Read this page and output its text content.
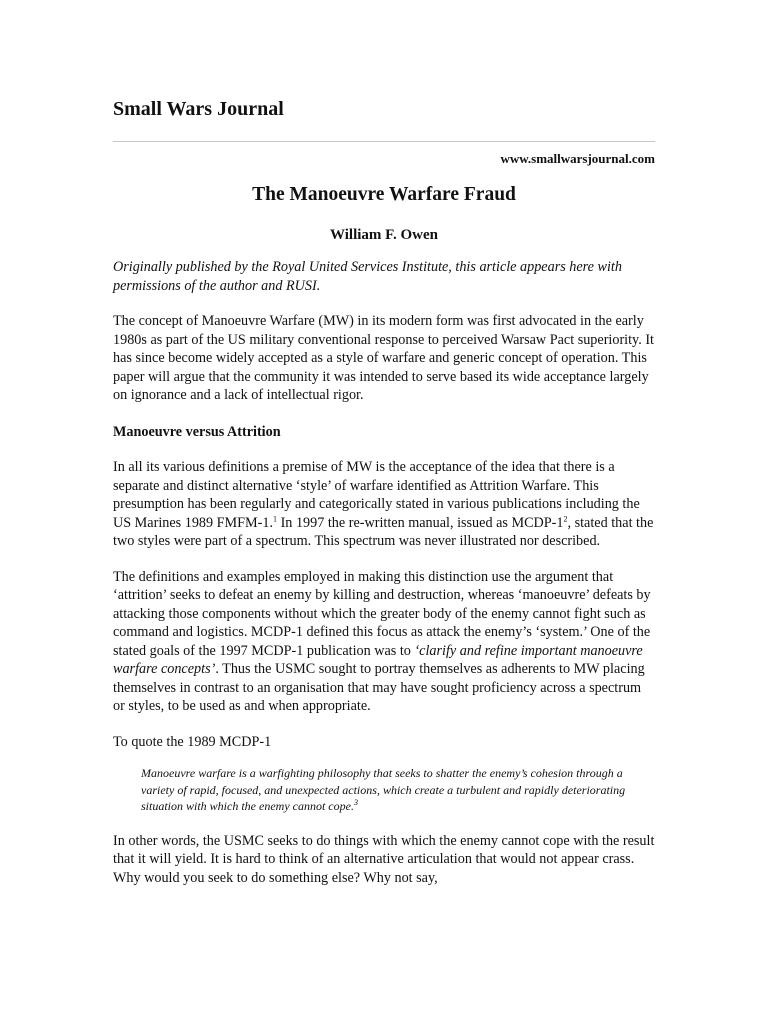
Small Wars Journal
www.smallwarsjournal.com
The Manoeuvre Warfare Fraud
William F. Owen

Originally published by the Royal United Services Institute, this article appears here with permissions of the author and RUSI.

The concept of Manoeuvre Warfare (MW) in its modern form was first advocated in the early 1980s as part of the US military conventional response to perceived Warsaw Pact superiority. It has since become widely accepted as a style of warfare and generic concept of operation. This paper will argue that the community it was intended to serve based its wide acceptance largely on ignorance and a lack of intellectual rigor.

Manoeuvre versus Attrition

In all its various definitions a premise of MW is the acceptance of the idea that there is a separate and distinct alternative ‘style’ of warfare identified as Attrition Warfare. This presumption has been regularly and categorically stated in various publications including the US Marines 1989 FMFM-1.$^1$ In 1997 the re-written manual, issued as MCDP-$1^2$, stated that the two styles were part of a spectrum. This spectrum was never illustrated nor described.

The definitions and examples employed in making this distinction use the argument that ‘attrition’ seeks to defeat an enemy by killing and destruction, whereas ‘manoeuvre’ defeats by attacking those components without which the greater body of the enemy cannot fight such as command and logistics. MCDP-1 defined this focus as attack the enemy’s ‘system.’ One of the stated goals of the 1997 MCDP-1 publication was to ‘clarify and refine important manoeuvre warfare concepts’. Thus the USMC sought to portray themselves as adherents to MW placing themselves in contrast to an organisation that may have sought proficiency across a spectrum or styles, to be used as and when appropriate.

To quote the 1989 MCDP-1

Manoeuvre warfare is a warfighting philosophy that seeks to shatter the enemy’s cohesion through a variety of rapid, focused, and unexpected actions, which create a turbulent and rapidly deteriorating situation with which the enemy cannot cope.$^3$

In other words, the USMC seeks to do things with which the enemy cannot cope with the result that it will yield. It is hard to think of an alternative articulation that would not appear crass. Why would you seek to do something else? Why not say,
